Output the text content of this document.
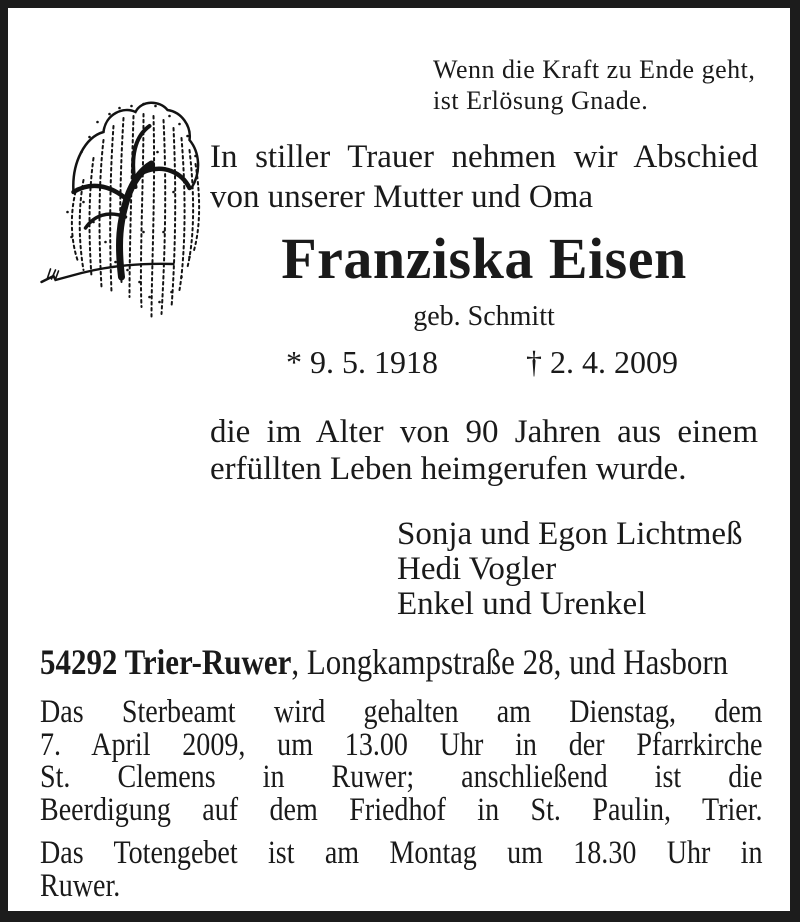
Wenn die Kraft zu Ende geht,
ist Erlösung Gnade.
In stiller Trauer nehmen wir Abschied
von unserer Mutter und Oma
Franziska Eisen
geb. Schmitt
* 9. 5. 1918	† 2. 4. 2009
die im Alter von 90 Jahren aus einem
erfüllten Leben heimgerufen wurde.
Sonja und Egon Lichtmeß
Hedi Vogler
Enkel und Urenkel
54292 Trier-Ruwer, Longkampstraße 28, und Hasborn
Das Sterbeamt wird gehalten am Dienstag, dem
7. April 2009, um 13.00 Uhr in der Pfarrkirche
St. Clemens in Ruwer; anschließend ist die
Beerdigung auf dem Friedhof in St. Paulin, Trier.
Das Totengebet ist am Montag um 18.30 Uhr in
Ruwer.
